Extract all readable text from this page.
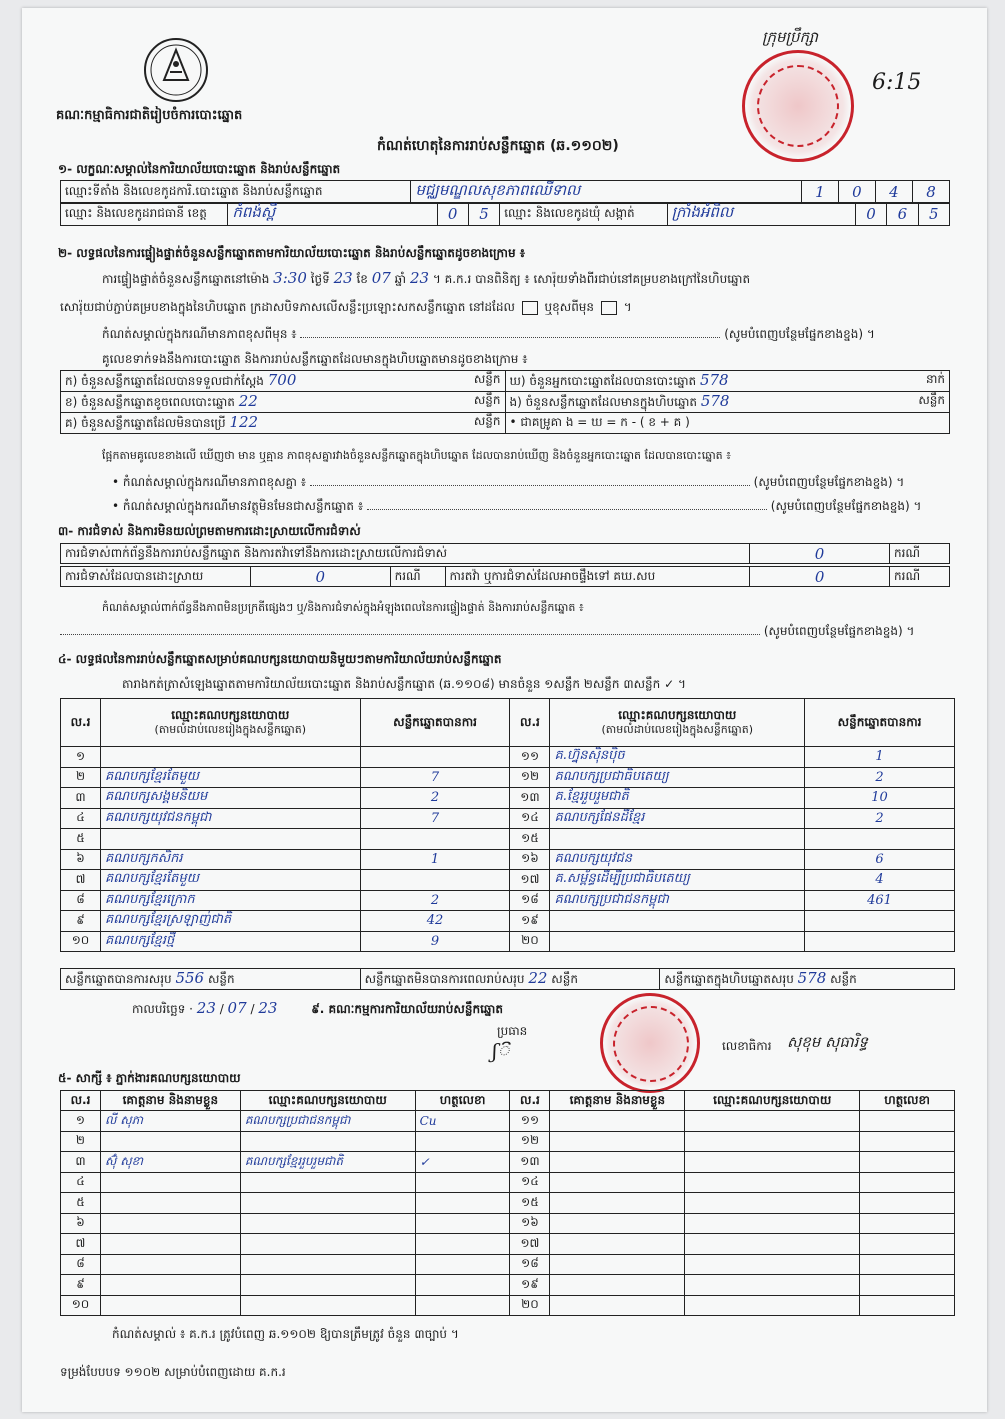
គណៈកម្មាធិការជាតិរៀបចំការបោះឆ្នោត
កំណត់ហេតុនៃការរាប់សន្លឹកឆ្នោត (ឆ.១១០២)
ក្រុមប្រឹក្សា
6:15
១- លក្ខណៈសម្គាល់នៃការិយាល័យបោះឆ្នោត និងរាប់សន្លឹកឆ្នោត
ឈ្មោះទីតាំង និងលេខកូដការិ.បោះឆ្នោត និងរាប់សន្លឹកឆ្នោត	មជ្ឈមណ្ឌលសុខភាពឈើទាល	1	0	4	8
ឈ្មោះ និងលេខកូដរាជធានី ខេត្ត	កំពង់ស្ពឺ	0	5	ឈ្មោះ និងលេខកូដឃុំ សង្កាត់	ក្រាំងអំពិល	0	6	5
២- លទ្ធផលនៃការផ្ទៀងផ្ទាត់ចំនួនសន្លឹកឆ្នោតតាមការិយាល័យបោះឆ្នោត និងរាប់សន្លឹកឆ្នោតដូចខាងក្រោម ៖
ការផ្ទៀងផ្ទាត់ចំនួនសន្លឹកឆ្នោតនៅម៉ោង 3:30 ថ្ងៃទី 23 ខែ 07 ឆ្នាំ 23 ។ គ.ក.រ បានពិនិត្យ ៖ សោរ៉ុយទាំងពីរជាប់នៅគម្របខាងក្រៅនៃហិបឆ្នោត
សោរ៉ុយជាប់ភ្ជាប់គម្របខាងក្នុងនៃហិបឆ្នោត ក្រដាសបិទភាសលើសន្លឹះប្រឡោះសកសន្លឹកឆ្នោត នៅដដែល ឬខុសពីមុន  ។
កំណត់សម្គាល់ក្នុងករណីមានភាពខុសពីមុន ៖	(សូមបំពេញបន្ថែមផ្នែកខាងខ្នង) ។
គូលេខទាក់ទងនឹងការបោះឆ្នោត និងការរាប់សន្លឹកឆ្នោតដែលមានក្នុងហិបឆ្នោតមានដូចខាងក្រោម ៖
ក) ចំនួនសន្លឹកឆ្នោតដែលបានទទួលជាក់ស្តែង 700 សន្លឹក	ឃ) ចំនួនអ្នកបោះឆ្នោតដែលបានបោះឆ្នោត 578 នាក់

ខ) ចំនួនសន្លឹកឆ្នោតខូចពេលបោះឆ្នោត 22 សន្លឹក	ង) ចំនួនសន្លឹកឆ្នោតដែលមានក្នុងហិបឆ្នោត 578 សន្លឹក

គ) ចំនួនសន្លឹកឆ្នោតដែលមិនបានប្រើ 122 សន្លឹក	• ជាគម្រូគា ង = ឃ = ក - ( ខ + គ )
ផ្អែកតាមគូលេខខាងលើ ឃើញថា មាន ឬគ្មាន ភាពខុសគ្នារវាងចំនួនសន្លឹកឆ្នោតក្នុងហិបឆ្នោត ដែលបានរាប់ឃើញ និងចំនួនអ្នកបោះឆ្នោត ដែលបានបោះឆ្នោត ៖
• កំណត់សម្គាល់ក្នុងករណីមានភាពខុសគ្នា ៖	(សូមបំពេញបន្ថែមផ្នែកខាងខ្នង) ។
• កំណត់សម្គាល់ក្នុងករណីមានវត្ថុមិនមែនជាសន្លឹកឆ្នោត ៖	(សូមបំពេញបន្ថែមផ្នែកខាងខ្នង) ។
៣- ការជំទាស់ និងការមិនយល់ព្រមតាមការដោះស្រាយលើការជំទាស់
ការជំទាស់ពាក់ព័ន្ធនឹងការរាប់សន្លឹកឆ្នោត និងការតវ៉ាទៅនឹងការដោះស្រាយលើការជំទាស់	0	ករណី
ការជំទាស់ដែលបានដោះស្រាយ	0	ករណី	ការតវ៉ា ឬការជំទាស់ដែលអាចផ្ទឹងទៅ គឃ.សប	0	ករណី
កំណត់សម្គាល់ពាក់ព័ន្ធនឹងភាពមិនប្រក្រតីផ្សេងៗ ឬ/និងការជំទាស់ក្នុងអំឡុងពេលនៃការផ្ទៀងផ្ទាត់ និងការរាប់សន្លឹកឆ្នោត ៖
(សូមបំពេញបន្ថែមផ្នែកខាងខ្នង) ។
៤- លទ្ធផលនៃការរាប់សន្លឹកឆ្នោតសម្រាប់គណបក្សនយោបាយនិមួយៗតាមការិយាល័យរាប់សន្លឹកឆ្នោត
តារាងកត់ត្រាសំឡេងឆ្នោតតាមការិយាល័យបោះឆ្នោត និងរាប់សន្លឹកឆ្នោត (ឆ.១១០៨) មានចំនួន ១សន្លឹក ២សន្លឹក ៣សន្លឹក ✓ ។
ល.រ	ឈ្មោះគណបក្សនយោបាយ
(តាមលំដាប់លេខរៀងក្នុងសន្លឹកឆ្នោត)	សន្លឹកឆ្នោតបានការ	ល.រ	ឈ្មោះគណបក្សនយោបាយ
(តាមលំដាប់លេខរៀងក្នុងសន្លឹកឆ្នោត)	សន្លឹកឆ្នោតបានការ
១			១១	គ.ហ្វ៊ុនស៊ិនប៉ិច	1
២	គណបក្សខ្មែរតែមួយ	7	១២	គណបក្សប្រជាធិបតេយ្យ	2
៣	គណបក្សសង្គមនិយម	2	១៣	គ.ខ្មែររួបរួមជាតិ	10
៤	គណបក្សយុវជនកម្ពុជា	7	១៤	គណបក្សផែនដីខ្មែរ	2
៥			១៥		
៦	គណបក្សកសិករ	1	១៦	គណបក្សយុវជន	6
៧	គណបក្សខ្មែរតែមួយ		១៧	គ.សម្ព័ន្ធដើម្បីប្រជាធិបតេយ្យ	4
៨	គណបក្សខ្មែរក្រោក	2	១៨	គណបក្សប្រជាជនកម្ពុជា	461
៩	គណបក្សខ្មែរស្រឡាញ់ជាតិ	42	១៩		
១០	គណបក្សខ្មែរថ្មី	9	២០		
សន្លឹកឆ្នោតបានការសរុប 556 សន្លឹក	សន្លឹកឆ្នោតមិនបានការពេលរាប់សរុប 22 សន្លឹក	សន្លឹកឆ្នោតក្នុងហិបឆ្នោតសរុប 578 សន្លឹក
កាលបរិច្ឆេទ · 23 / 07 / 23	៩. គណៈកម្មការការិយាល័យរាប់សន្លឹកឆ្នោត
ប្រធាន
ʃ៝	លេខាធិការ សុខុម សុធារិទ្ធ
៥- សាក្សី ៖ ភ្នាក់ងារគណបក្សនយោបាយ
ល.រ	គោត្តនាម និងនាមខ្លួន	ឈ្មោះគណបក្សនយោបាយ	ហត្ថលេខា	ល.រ	គោត្តនាម និងនាមខ្លួន	ឈ្មោះគណបក្សនយោបាយ	ហត្ថលេខា
១	លី សុភា	គណបក្សប្រជាជនកម្ពុជា	Cu	១១			
២				១២			
៣	ស៊ុំ សុខា	គណបក្សខ្មែររួបរួមជាតិ	✓	១៣			
៤				១៤			
៥				១៥			
៦				១៦			
៧				១៧			
៨				១៨			
៩				១៩			
១០				២០			
កំណត់សម្គាល់ ៖ គ.ក.រ ត្រូវបំពេញ ឆ.១១០២ ឱ្យបានត្រឹមត្រូវ ចំនួន ៣ច្បាប់ ។
ទម្រង់បែបបទ ១១០២ សម្រាប់បំពេញដោយ គ.ក.រ
